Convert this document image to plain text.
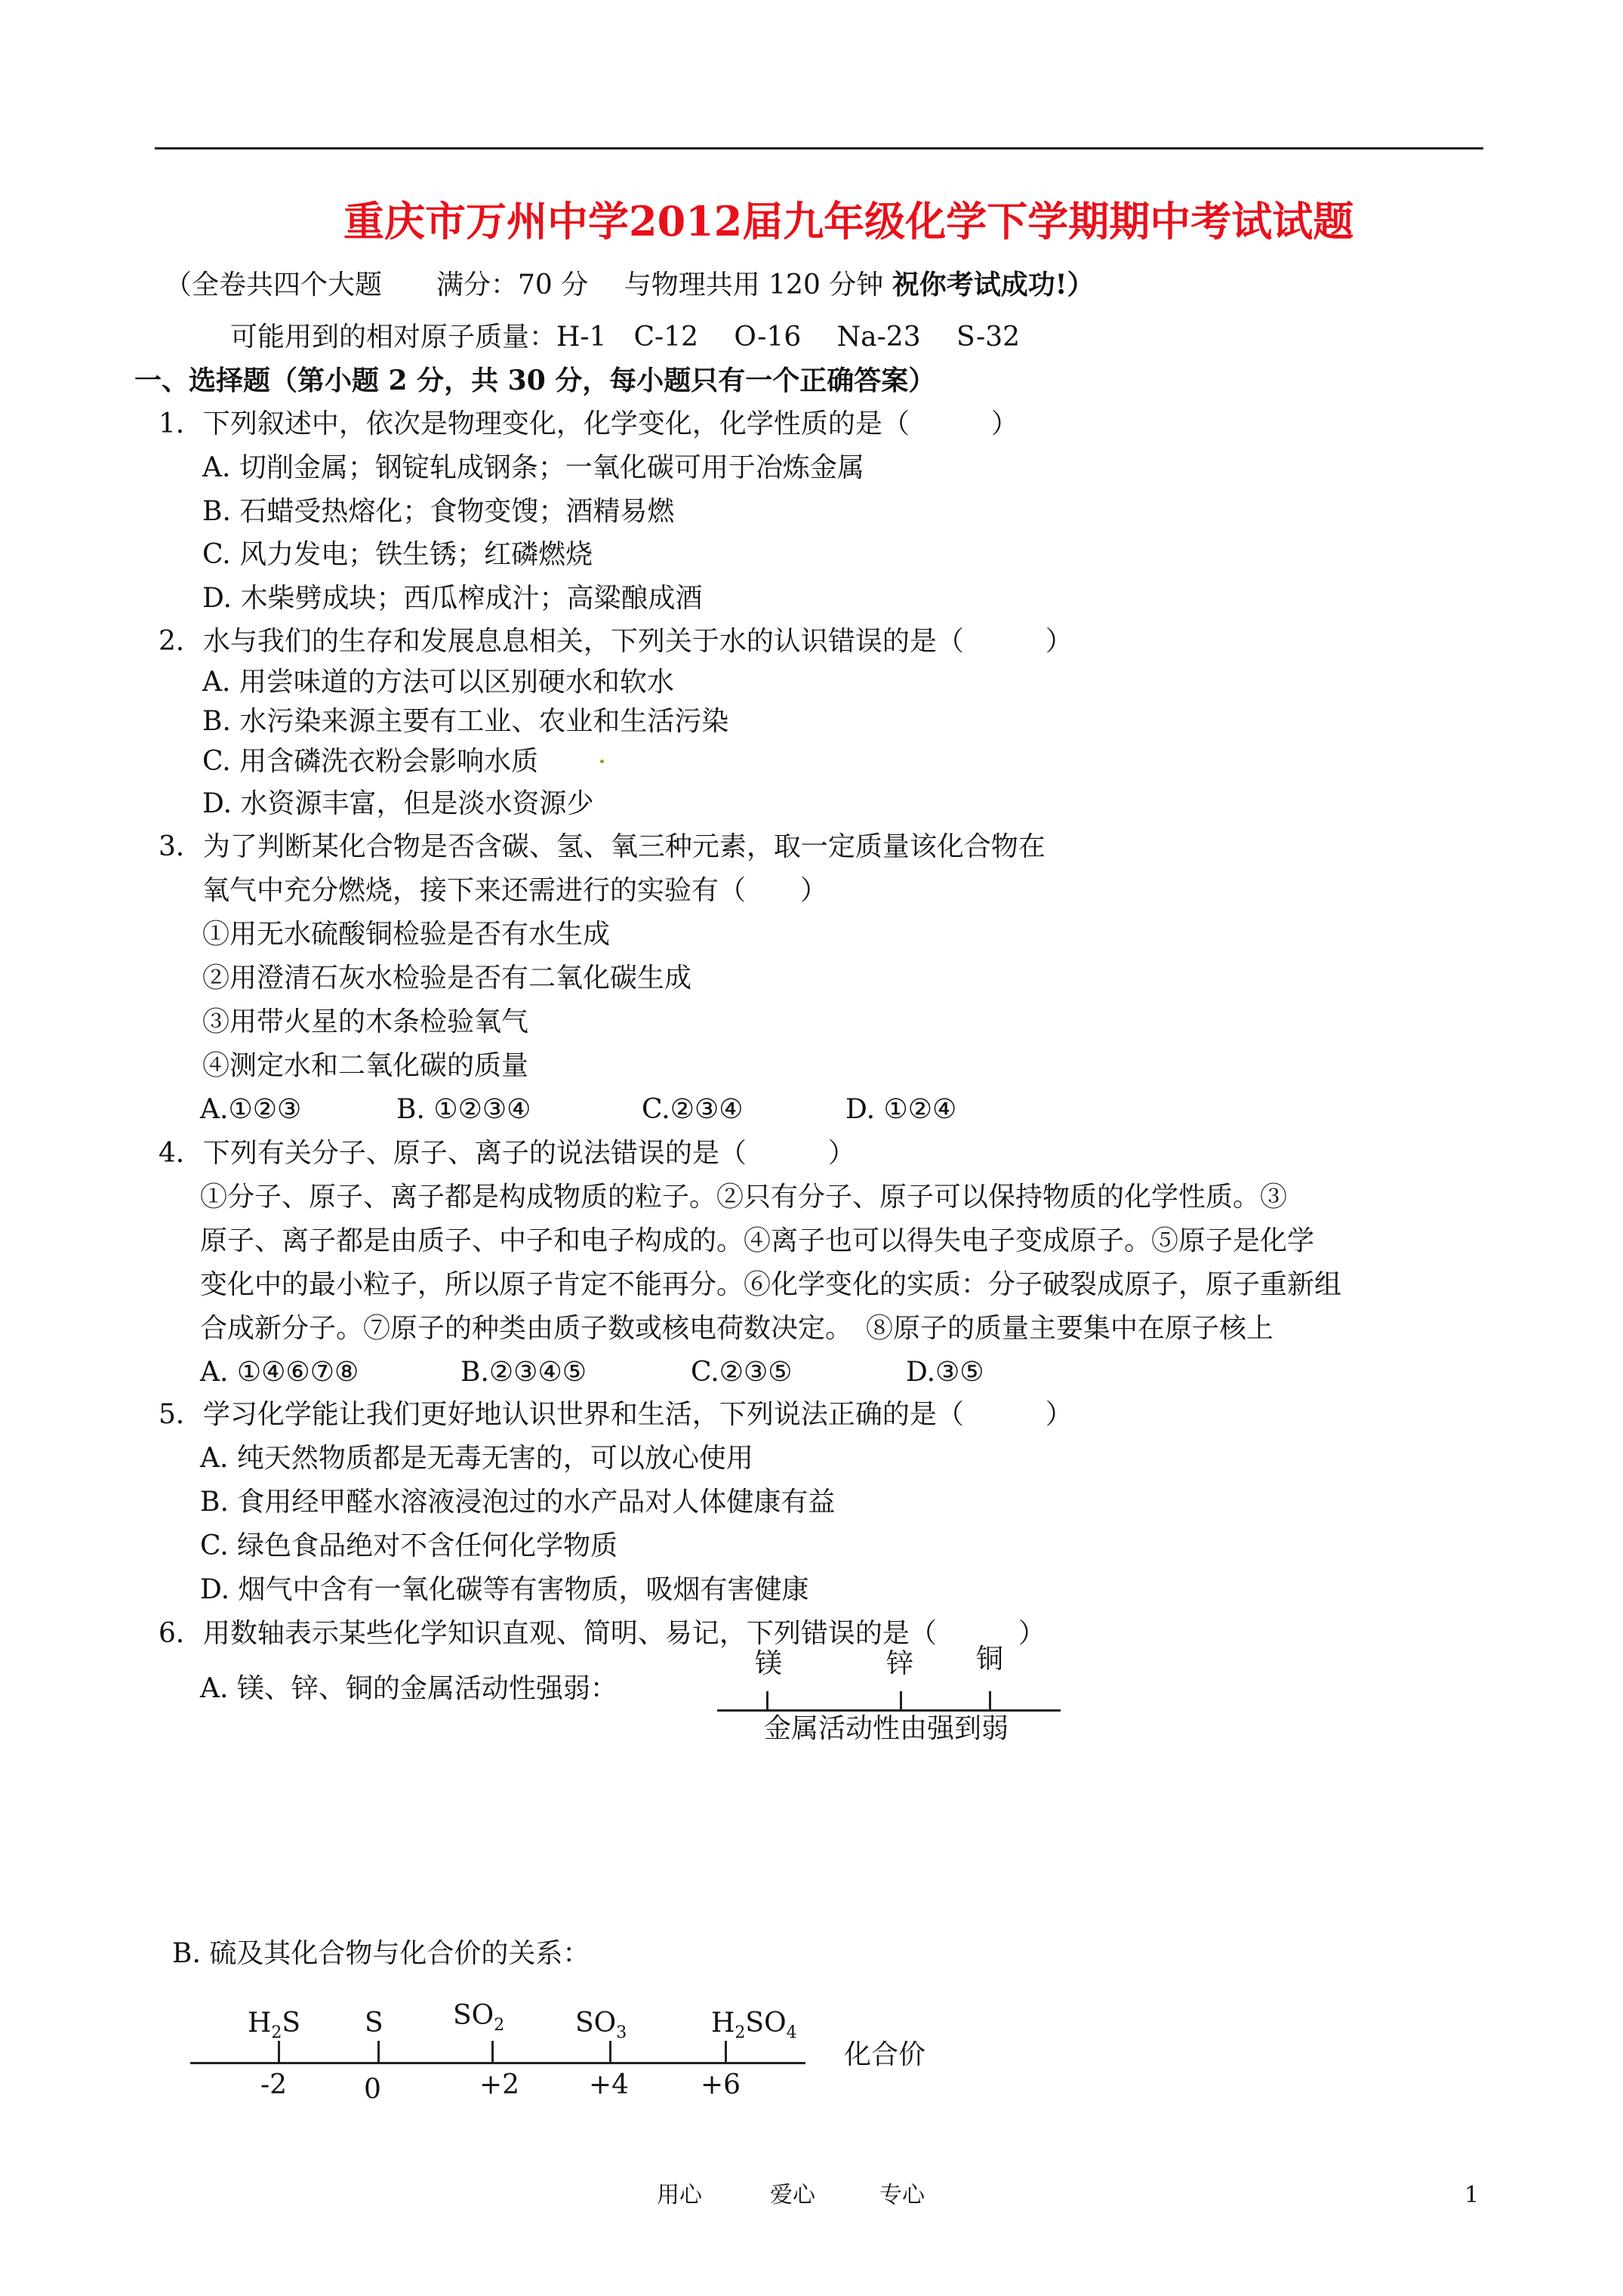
重庆市万州中学2012届九年级化学下学期期中考试试题
（全卷共四个大题　　满分：70 分　 与物理共用 120 分钟 祝你考试成功!）
可能用到的相对原子质量：H-1　C-12　 O-16　 Na-23　 S-32
一、选择题（第小题 2 分，共 30 分，每小题只有一个正确答案）
1．下列叙述中，依次是物理变化，化学变化，化学性质的是（　　　）
A. 切削金属；钢锭轧成钢条；一氧化碳可用于冶炼金属
B. 石蜡受热熔化；食物变馊；酒精易燃
C. 风力发电；铁生锈；红磷燃烧
D. 木柴劈成块；西瓜榨成汁；高粱酿成酒
2．水与我们的生存和发展息息相关，下列关于水的认识错误的是（　　　）
A. 用尝味道的方法可以区别硬水和软水
B. 水污染来源主要有工业、农业和生活污染
C. 用含磷洗衣粉会影响水质
D. 水资源丰富，但是淡水资源少
3．为了判断某化合物是否含碳、氢、氧三种元素，取一定质量该化合物在
氧气中充分燃烧，接下来还需进行的实验有（　　）
①用无水硫酸铜检验是否有水生成
②用澄清石灰水检验是否有二氧化碳生成
③用带火星的木条检验氧气
④测定水和二氧化碳的质量
A.①②③	B. ①②③④	C.②③④	D. ①②④
4．下列有关分子、原子、离子的说法错误的是（　　　）
①分子、原子、离子都是构成物质的粒子。②只有分子、原子可以保持物质的化学性质。③
原子、离子都是由质子、中子和电子构成的。④离子也可以得失电子变成原子。⑤原子是化学
变化中的最小粒子，所以原子肯定不能再分。⑥化学变化的实质：分子破裂成原子，原子重新组
合成新分子。⑦原子的种类由质子数或核电荷数决定。　⑧原子的质量主要集中在原子核上
A. ①④⑥⑦⑧	B.②③④⑤	C.②③⑤	D.③⑤
5．学习化学能让我们更好地认识世界和生活，下列说法正确的是（　　　）
A. 纯天然物质都是无毒无害的，可以放心使用
B. 食用经甲醛水溶液浸泡过的水产品对人体健康有益
C. 绿色食品绝对不含任何化学物质
D. 烟气中含有一氧化碳等有害物质，吸烟有害健康
6．用数轴表示某些化学知识直观、简明、易记，下列错误的是（　　　）
A. 镁、锌、铜的金属活动性强弱：
镁	锌 铜
金属活动性由强到弱
B. 硫及其化合物与化合价的关系：
$H_2S$ S	$SO_2$	$SO_3$	$H_2SO_4$
化合价
-2	0	+2	+4	+6
用心	爱心	专心	1
